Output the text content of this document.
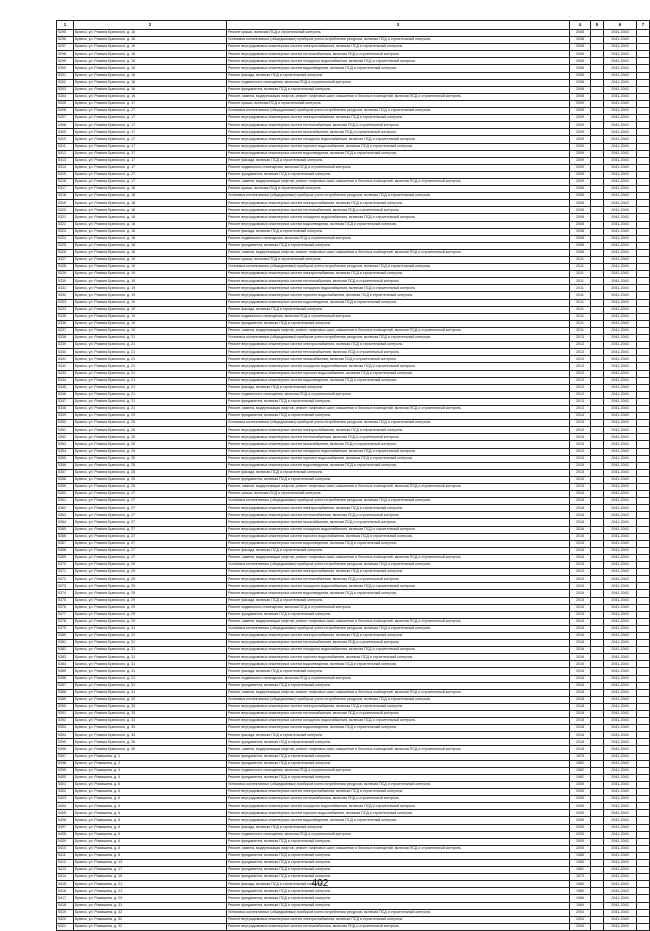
1	2	3	4	5	6	7
5295	Брянск, ул. Романа Брянского, д. 16	Ремонт крыши, включая ПСД и строительный контроль	2008		2041-2043	
5296	Брянск, ул. Романа Брянского, д. 16	Установка коллективных (общедомовых) приборов учета потребления ресурсов, включая ПСД и строительный контроль	2008		2041-2043	
5297	Брянск, ул. Романа Брянского, д. 16	Ремонт внутридомовых инженерных систем электроснабжения, включая ПСД и строительный контроль	2008		2041-2043	
5298	Брянск, ул. Романа Брянского, д. 16	Ремонт внутридомовых инженерных систем теплоснабжения, включая ПСД и строительный контроль	2008		2041-2043	
5299	Брянск, ул. Романа Брянского, д. 16	Ремонт внутридомовых инженерных систем холодного водоснабжения, включая ПСД и строительный контроль	2008		2041-2043	
5300	Брянск, ул. Романа Брянского, д. 16	Ремонт внутридомовых инженерных систем водоотведения, включая ПСД и строительный контроль	2008		2041-2043	
5301	Брянск, ул. Романа Брянского, д. 16	Ремонт фасада, включая ПСД и строительный контроль	2008		2041-2043	
5302	Брянск, ул. Романа Брянского, д. 16	Ремонт подвального помещения, включая ПСД и строительный контроль	2008		2041-2043	
5303	Брянск, ул. Романа Брянского, д. 16	Ремонт фундамента, включая ПСД и строительный контроль	2008		2041-2043	
5304	Брянск, ул. Романа Брянского, д. 16	Ремонт, замена, модернизация лифтов, ремонт лифтовых шахт, машинных и блочных помещений, включая ПСД и строительный контроль	2008		2041-2043	
5305	Брянск, ул. Романа Брянского, д. 17	Ремонт крыши, включая ПСД и строительный контроль	2009		2041-2043	
5306	Брянск, ул. Романа Брянского, д. 17	Установка коллективных (общедомовых) приборов учета потребления ресурсов, включая ПСД и строительный контроль	2009		2041-2043	
5307	Брянск, ул. Романа Брянского, д. 17	Ремонт внутридомовых инженерных систем электроснабжения, включая ПСД и строительный контроль	2009		2041-2043	
5308	Брянск, ул. Романа Брянского, д. 17	Ремонт внутридомовых инженерных систем теплоснабжения, включая ПСД и строительный контроль	2009		2041-2043	
5309	Брянск, ул. Романа Брянского, д. 17	Ремонт внутридомовых инженерных систем газоснабжения, включая ПСД и строительный контроль	2009		2041-2043	
5310	Брянск, ул. Романа Брянского, д. 17	Ремонт внутридомовых инженерных систем холодного водоснабжения, включая ПСД и строительный контроль	2009		2041-2043	
5311	Брянск, ул. Романа Брянского, д. 17	Ремонт внутридомовых инженерных систем горячего водоснабжения, включая ПСД и строительный контроль	2009		2041-2043	
5312	Брянск, ул. Романа Брянского, д. 17	Ремонт внутридомовых инженерных систем водоотведения, включая ПСД и строительный контроль	2009		2041-2043	
5313	Брянск, ул. Романа Брянского, д. 17	Ремонт фасада, включая ПСД и строительный контроль	2009		2041-2043	
5314	Брянск, ул. Романа Брянского, д. 17	Ремонт подвального помещения, включая ПСД и строительный контроль	2009		2041-2043	
5315	Брянск, ул. Романа Брянского, д. 17	Ремонт фундамента, включая ПСД и строительный контроль	2009		2041-2043	
5316	Брянск, ул. Романа Брянского, д. 17	Ремонт, замена, модернизация лифтов, ремонт лифтовых шахт, машинных и блочных помещений, включая ПСД и строительный контроль	2009		2041-2043	
5317	Брянск, ул. Романа Брянского, д. 18	Ремонт крыши, включая ПСД и строительный контроль	2008		2041-2043	
5318	Брянск, ул. Романа Брянского, д. 18	Установка коллективных (общедомовых) приборов учета потребления ресурсов, включая ПСД и строительный контроль	2008		2041-2043	
5319	Брянск, ул. Романа Брянского, д. 18	Ремонт внутридомовых инженерных систем электроснабжения, включая ПСД и строительный контроль	2008		2041-2043	
5320	Брянск, ул. Романа Брянского, д. 18	Ремонт внутридомовых инженерных систем теплоснабжения, включая ПСД и строительный контроль	2008		2041-2043	
5321	Брянск, ул. Романа Брянского, д. 18	Ремонт внутридомовых инженерных систем холодного водоснабжения, включая ПСД и строительный контроль	2008		2041-2043	
5322	Брянск, ул. Романа Брянского, д. 18	Ремонт внутридомовых инженерных систем водоотведения, включая ПСД и строительный контроль	2008		2041-2043	
5323	Брянск, ул. Романа Брянского, д. 18	Ремонт фасада, включая ПСД и строительный контроль	2008		2041-2043	
5324	Брянск, ул. Романа Брянского, д. 18	Ремонт подвального помещения, включая ПСД и строительный контроль	2008		2041-2043	
5325	Брянск, ул. Романа Брянского, д. 18	Ремонт фундамента, включая ПСД и строительный контроль	2008		2041-2043	
5326	Брянск, ул. Романа Брянского, д. 18	Ремонт, замена, модернизация лифтов, ремонт лифтовых шахт, машинных и блочных помещений, включая ПСД и строительный контроль	2008		2041-2043	
5327	Брянск, ул. Романа Брянского, д. 19	Ремонт крыши, включая ПСД и строительный контроль	2011		2041-2043	
5328	Брянск, ул. Романа Брянского, д. 19	Установка коллективных (общедомовых) приборов учета потребления ресурсов, включая ПСД и строительный контроль	2011		2041-2043	
5329	Брянск, ул. Романа Брянского, д. 19	Ремонт внутридомовых инженерных систем электроснабжения, включая ПСД и строительный контроль	2011		2041-2043	
5330	Брянск, ул. Романа Брянского, д. 19	Ремонт внутридомовых инженерных систем теплоснабжения, включая ПСД и строительный контроль	2011		2041-2043	
5331	Брянск, ул. Романа Брянского, д. 19	Ремонт внутридомовых инженерных систем холодного водоснабжения, включая ПСД и строительный контроль	2011		2041-2043	
5332	Брянск, ул. Романа Брянского, д. 19	Ремонт внутридомовых инженерных систем горячего водоснабжения, включая ПСД и строительный контроль	2011		2041-2043	
5333	Брянск, ул. Романа Брянского, д. 19	Ремонт внутридомовых инженерных систем водоотведения, включая ПСД и строительный контроль	2011		2041-2043	
5334	Брянск, ул. Романа Брянского, д. 19	Ремонт фасада, включая ПСД и строительный контроль	2011		2041-2043	
5335	Брянск, ул. Романа Брянского, д. 19	Ремонт подвального помещения, включая ПСД и строительный контроль	2011		2041-2043	
5336	Брянск, ул. Романа Брянского, д. 19	Ремонт фундамента, включая ПСД и строительный контроль	2011		2041-2043	
5337	Брянск, ул. Романа Брянского, д. 19	Ремонт, замена, модернизация лифтов, ремонт лифтовых шахт, машинных и блочных помещений, включая ПСД и строительный контроль	2011		2041-2043	
5338	Брянск, ул. Романа Брянского, д. 21	Установка коллективных (общедомовых) приборов учета потребления ресурсов, включая ПСД и строительный контроль	2013		2041-2043	
5339	Брянск, ул. Романа Брянского, д. 21	Ремонт внутридомовых инженерных систем электроснабжения, включая ПСД и строительный контроль	2013		2041-2043	
5340	Брянск, ул. Романа Брянского, д. 21	Ремонт внутридомовых инженерных систем теплоснабжения, включая ПСД и строительный контроль	2013		2041-2043	
5341	Брянск, ул. Романа Брянского, д. 21	Ремонт внутридомовых инженерных систем газоснабжения, включая ПСД и строительный контроль	2013		2041-2043	
5342	Брянск, ул. Романа Брянского, д. 21	Ремонт внутридомовых инженерных систем холодного водоснабжения, включая ПСД и строительный контроль	2013		2041-2043	
5343	Брянск, ул. Романа Брянского, д. 21	Ремонт внутридомовых инженерных систем горячего водоснабжения, включая ПСД и строительный контроль	2013		2041-2043	
5344	Брянск, ул. Романа Брянского, д. 21	Ремонт внутридомовых инженерных систем водоотведения, включая ПСД и строительный контроль	2013		2041-2043	
5345	Брянск, ул. Романа Брянского, д. 21	Ремонт фасада, включая ПСД и строительный контроль	2013		2041-2043	
5346	Брянск, ул. Романа Брянского, д. 21	Ремонт подвального помещения, включая ПСД и строительный контроль	2013		2041-2043	
5347	Брянск, ул. Романа Брянского, д. 21	Ремонт фундамента, включая ПСД и строительный контроль	2013		2041-2043	
5348	Брянск, ул. Романа Брянского, д. 21	Ремонт, замена, модернизация лифтов, ремонт лифтовых шахт, машинных и блочных помещений, включая ПСД и строительный контроль	2013		2041-2043	
5349	Брянск, ул. Романа Брянского, д. 23	Ремонт фундамента, включая ПСД и строительный контроль	2014		2041-2043	
5350	Брянск, ул. Романа Брянского, д. 25	Установка коллективных (общедомовых) приборов учета потребления ресурсов, включая ПСД и строительный контроль	2015		2041-2043	
5351	Брянск, ул. Романа Брянского, д. 25	Ремонт внутридомовых инженерных систем электроснабжения, включая ПСД и строительный контроль	2015		2041-2043	
5352	Брянск, ул. Романа Брянского, д. 25	Ремонт внутридомовых инженерных систем теплоснабжения, включая ПСД и строительный контроль	2015		2041-2043	
5353	Брянск, ул. Романа Брянского, д. 25	Ремонт внутридомовых инженерных систем газоснабжения, включая ПСД и строительный контроль	2015		2041-2043	
5354	Брянск, ул. Романа Брянского, д. 25	Ремонт внутридомовых инженерных систем холодного водоснабжения, включая ПСД и строительный контроль	2015		2041-2043	
5355	Брянск, ул. Романа Брянского, д. 25	Ремонт внутридомовых инженерных систем горячего водоснабжения, включая ПСД и строительный контроль	2015		2041-2043	
5356	Брянск, ул. Романа Брянского, д. 25	Ремонт внутридомовых инженерных систем водоотведения, включая ПСД и строительный контроль	2015		2041-2043	
5357	Брянск, ул. Романа Брянского, д. 25	Ремонт фасада, включая ПСД и строительный контроль	2015		2041-2043	
5358	Брянск, ул. Романа Брянского, д. 25	Ремонт фундамента, включая ПСД и строительный контроль	2015		2041-2043	
5359	Брянск, ул. Романа Брянского, д. 25	Ремонт, замена, модернизация лифтов, ремонт лифтовых шахт, машинных и блочных помещений, включая ПСД и строительный контроль	2015		2041-2043	
5360	Брянск, ул. Романа Брянского, д. 27	Ремонт крыши, включая ПСД и строительный контроль	2016		2041-2043	
5361	Брянск, ул. Романа Брянского, д. 27	Установка коллективных (общедомовых) приборов учета потребления ресурсов, включая ПСД и строительный контроль	2016		2041-2043	
5362	Брянск, ул. Романа Брянского, д. 27	Ремонт внутридомовых инженерных систем электроснабжения, включая ПСД и строительный контроль	2016		2041-2043	
5363	Брянск, ул. Романа Брянского, д. 27	Ремонт внутридомовых инженерных систем теплоснабжения, включая ПСД и строительный контроль	2016		2041-2043	
5364	Брянск, ул. Романа Брянского, д. 27	Ремонт внутридомовых инженерных систем газоснабжения, включая ПСД и строительный контроль	2016		2041-2043	
5365	Брянск, ул. Романа Брянского, д. 27	Ремонт внутридомовых инженерных систем холодного водоснабжения, включая ПСД и строительный контроль	2016		2041-2043	
5366	Брянск, ул. Романа Брянского, д. 27	Ремонт внутридомовых инженерных систем горячего водоснабжения, включая ПСД и строительный контроль	2016		2041-2043	
5367	Брянск, ул. Романа Брянского, д. 27	Ремонт внутридомовых инженерных систем водоотведения, включая ПСД и строительный контроль	2016		2041-2043	
5368	Брянск, ул. Романа Брянского, д. 27	Ремонт фасада, включая ПСД и строительный контроль	2016		2041-2043	
5369	Брянск, ул. Романа Брянского, д. 27	Ремонт, замена, модернизация лифтов, ремонт лифтовых шахт, машинных и блочных помещений, включая ПСД и строительный контроль	2016		2041-2043	
5370	Брянск, ул. Романа Брянского, д. 29	Установка коллективных (общедомовых) приборов учета потребления ресурсов, включая ПСД и строительный контроль	2015		2041-2043	
5371	Брянск, ул. Романа Брянского, д. 29	Ремонт внутридомовых инженерных систем электроснабжения, включая ПСД и строительный контроль	2015		2041-2043	
5372	Брянск, ул. Романа Брянского, д. 29	Ремонт внутридомовых инженерных систем теплоснабжения, включая ПСД и строительный контроль	2015		2041-2043	
5373	Брянск, ул. Романа Брянского, д. 29	Ремонт внутридомовых инженерных систем холодного водоснабжения, включая ПСД и строительный контроль	2015		2041-2043	
5374	Брянск, ул. Романа Брянского, д. 29	Ремонт внутридомовых инженерных систем водоотведения, включая ПСД и строительный контроль	2015		2041-2043	
5375	Брянск, ул. Романа Брянского, д. 29	Ремонт фасада, включая ПСД и строительный контроль	2015		2041-2043	
5376	Брянск, ул. Романа Брянского, д. 29	Ремонт подвального помещения, включая ПСД и строительный контроль	2015		2041-2043	
5377	Брянск, ул. Романа Брянского, д. 29	Ремонт фундамента, включая ПСД и строительный контроль	2015		2041-2043	
5378	Брянск, ул. Романа Брянского, д. 29	Ремонт, замена, модернизация лифтов, ремонт лифтовых шахт, машинных и блочных помещений, включая ПСД и строительный контроль	2015		2041-2043	
5379	Брянск, ул. Романа Брянского, д. 31	Установка коллективных (общедомовых) приборов учета потребления ресурсов, включая ПСД и строительный контроль	2016		2041-2043	
5380	Брянск, ул. Романа Брянского, д. 31	Ремонт внутридомовых инженерных систем электроснабжения, включая ПСД и строительный контроль	2016		2041-2043	
5381	Брянск, ул. Романа Брянского, д. 31	Ремонт внутридомовых инженерных систем теплоснабжения, включая ПСД и строительный контроль	2016		2041-2043	
5382	Брянск, ул. Романа Брянского, д. 31	Ремонт внутридомовых инженерных систем холодного водоснабжения, включая ПСД и строительный контроль	2016		2041-2043	
5383	Брянск, ул. Романа Брянского, д. 31	Ремонт внутридомовых инженерных систем горячего водоснабжения, включая ПСД и строительный контроль	2016		2041-2043	
5384	Брянск, ул. Романа Брянского, д. 31	Ремонт внутридомовых инженерных систем водоотведения, включая ПСД и строительный контроль	2016		2041-2043	
5385	Брянск, ул. Романа Брянского, д. 31	Ремонт фасада, включая ПСД и строительный контроль	2016		2041-2043	
5386	Брянск, ул. Романа Брянского, д. 31	Ремонт подвального помещения, включая ПСД и строительный контроль	2016		2041-2043	
5387	Брянск, ул. Романа Брянского, д. 31	Ремонт фундамента, включая ПСД и строительный контроль	2016		2041-2043	
5388	Брянск, ул. Романа Брянского, д. 31	Ремонт, замена, модернизация лифтов, ремонт лифтовых шахт, машинных и блочных помещений, включая ПСД и строительный контроль	2016		2041-2043	
5389	Брянск, ул. Романа Брянского, д. 33	Установка коллективных (общедомовых) приборов учета потребления ресурсов, включая ПСД и строительный контроль	2018		2041-2043	
5390	Брянск, ул. Романа Брянского, д. 33	Ремонт внутридомовых инженерных систем электроснабжения, включая ПСД и строительный контроль	2018		2041-2043	
5391	Брянск, ул. Романа Брянского, д. 33	Ремонт внутридомовых инженерных систем теплоснабжения, включая ПСД и строительный контроль	2018		2041-2043	
5392	Брянск, ул. Романа Брянского, д. 33	Ремонт внутридомовых инженерных систем холодного водоснабжения, включая ПСД и строительный контроль	2018		2041-2043	
5393	Брянск, ул. Романа Брянского, д. 33	Ремонт внутридомовых инженерных систем водоотведения, включая ПСД и строительный контроль	2018		2041-2043	
5394	Брянск, ул. Романа Брянского, д. 33	Ремонт фасада, включая ПСД и строительный контроль	2018		2041-2043	
5395	Брянск, ул. Романа Брянского, д. 35	Ремонт фундамента, включая ПСД и строительный контроль	2018		2041-2043	
5396	Брянск, ул. Романа Брянского, д. 35	Ремонт, замена, модернизация лифтов, ремонт лифтовых шахт, машинных и блочных помещений, включая ПСД и строительный контроль	2018		2041-2043	
5397	Брянск, ул. Ромашина, д. 1	Ремонт фундамента, включая ПСД и строительный контроль	1975		2041-2043	
5398	Брянск, ул. Ромашина, д. 2	Ремонт фундамента, включая ПСД и строительный контроль	1982		2041-2043	
5399	Брянск, ул. Ромашина, д. 4	Ремонт подвального помещения, включая ПСД и строительный контроль	1982		2041-2043	
5400	Брянск, ул. Ромашина, д. 4	Ремонт фундамента, включая ПСД и строительный контроль	1982		2041-2043	
5401	Брянск, ул. Ромашина, д. 6	Установка коллективных (общедомовых) приборов учета потребления ресурсов, включая ПСД и строительный контроль	2005		2041-2043	
5402	Брянск, ул. Ромашина, д. 6	Ремонт внутридомовых инженерных систем электроснабжения, включая ПСД и строительный контроль	2005		2041-2043	
5403	Брянск, ул. Ромашина, д. 6	Ремонт внутридомовых инженерных систем теплоснабжения, включая ПСД и строительный контроль	2005		2041-2043	
5404	Брянск, ул. Ромашина, д. 6	Ремонт внутридомовых инженерных систем холодного водоснабжения, включая ПСД и строительный контроль	2005		2041-2043	
5405	Брянск, ул. Ромашина, д. 6	Ремонт внутридомовых инженерных систем горячего водоснабжения, включая ПСД и строительный контроль	2005		2041-2043	
5406	Брянск, ул. Ромашина, д. 6	Ремонт внутридомовых инженерных систем водоотведения, включая ПСД и строительный контроль	2005		2041-2043	
5407	Брянск, ул. Ромашина, д. 6	Ремонт фасада, включая ПСД и строительный контроль	2005		2041-2043	
5408	Брянск, ул. Ромашина, д. 6	Ремонт подвального помещения, включая ПСД и строительный контроль	2005		2041-2043	
5409	Брянск, ул. Ромашина, д. 6	Ремонт фундамента, включая ПСД и строительный контроль	2005		2041-2043	
5410	Брянск, ул. Ромашина, д. 6	Ремонт, замена, модернизация лифтов, ремонт лифтовых шахт, машинных и блочных помещений, включая ПСД и строительный контроль	2005		2041-2043	
5411	Брянск, ул. Ромашина, д. 8	Ремонт фундамента, включая ПСД и строительный контроль	1985		2041-2043	
5412	Брянск, ул. Ромашина, д. 13	Ремонт фундамента, включая ПСД и строительный контроль	1983		2041-2043	
5413	Брянск, ул. Ромашина, д. 17	Ремонт фундамента, включая ПСД и строительный контроль	1981		2041-2043	
5414	Брянск, ул. Ромашина, д. 19	Ремонт фундамента, включая ПСД и строительный контроль	1973		2041-2043	
5415	Брянск, ул. Ромашина, д. 21	Ремонт фасада, включая ПСД и строительный контроль	1980		2041-2043	
5416	Брянск, ул. Ромашина, д. 21	Ремонт фундамента, включая ПСД и строительный контроль	1980		2041-2043	
5417	Брянск, ул. Ромашина, д. 29	Ремонт фундамента, включая ПСД и строительный контроль	1986		2041-2043	
5418	Брянск, ул. Ромашина, д. 31	Ремонт фундамента, включая ПСД и строительный контроль	1984		2041-2043	
5419	Брянск, ул. Ромашина, д. 32	Установка коллективных (общедомовых) приборов учета потребления ресурсов, включая ПСД и строительный контроль	2004		2041-2043	
5420	Брянск, ул. Ромашина, д. 32	Ремонт внутридомовых инженерных систем электроснабжения, включая ПСД и строительный контроль	2004		2041-2043	
5421	Брянск, ул. Ромашина, д. 32	Ремонт внутридомовых инженерных систем теплоснабжения, включая ПСД и строительный контроль	2004		2041-2043	
402
